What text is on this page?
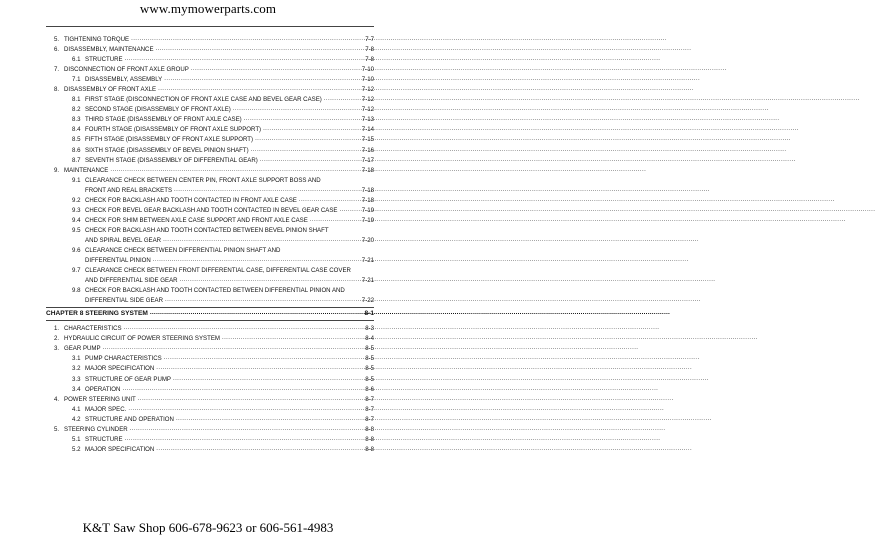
www.mymowerparts.com
5. TIGHTENING TORQUE .....	7-7
6. DISASSEMBLY, MAINTENANCE .....	7-8
6.1 STRUCTURE .....	7-8
7. DISCONNECTION OF FRONT AXLE GROUP .....	7-10
7.1 DISASSEMBLY, ASSEMBLY .....	7-10
8. DISASSEMBLY OF FRONT AXLE .....	7-12
8.1 FIRST STAGE (DISCONNECTION OF FRONT AXLE CASE AND BEVEL GEAR CASE) .....	7-12
8.2 SECOND STAGE (DISASSEMBLY OF FRONT AXLE) .....	7-12
8.3 THIRD STAGE (DISASSEMBLY OF FRONT AXLE CASE) .....	7-13
8.4 FOURTH STAGE (DISASSEMBLY OF FRONT AXLE SUPPORT) .....	7-14
8.5 FIFTH STAGE (DISASSEMBLY OF FRONT AXLE SUPPORT) .....	7-15
8.6 SIXTH STAGE (DISASSEMBLY OF BEVEL PINION SHAFT) .....	7-16
8.7 SEVENTH STAGE (DISASSEMBLY OF DIFFERENTIAL GEAR) .....	7-17
9. MAINTENANCE .....	7-18
9.1 CLEARANCE CHECK BETWEEN CENTER PIN, FRONT AXLE SUPPORT BOSS AND
FRONT AND REAL BRACKETS .....	7-18
9.2 CHECK FOR BACKLASH AND TOOTH CONTACTED IN FRONT AXLE CASE .....	7-18
9.3 CHECK FOR BEVEL GEAR BACKLASH AND TOOTH CONTACTED IN BEVEL GEAR CASE .....	7-19
9.4 CHECK FOR SHIM BETWEEN AXLE CASE SUPPORT AND FRONT AXLE CASE .....	7-19
9.5 CHECK FOR BACKLASH AND TOOTH CONTACTED BETWEEN BEVEL PINION SHAFT
AND SPIRAL BEVEL GEAR .....	7-20
9.6 CLEARANCE CHECK BETWEEN DIFFERENTIAL PINION SHAFT AND
DIFFERENTIAL PINION .....	7-21
9.7 CLEARANCE CHECK BETWEEN FRONT DIFFERENTIAL CASE, DIFFERENTIAL CASE COVER
AND DIFFERENTIAL SIDE GEAR .....	7-21
9.8 CHECK FOR BACKLASH AND TOOTH CONTACTED BETWEEN DIFFERENTIAL PINION AND
DIFFERENTIAL SIDE GEAR .....	7-22
CHAPTER 8 STEERING SYSTEM .....	8-1
1. CHARACTERISTICS .....	8-3
2. HYDRAULIC CIRCUIT OF POWER STEERING SYSTEM .....	8-4
3. GEAR PUMP .....	8-5
3.1 PUMP CHARACTERISTICS .....	8-5
3.2 MAJOR SPECIFICATION .....	8-5
3.3 STRUCTURE OF GEAR PUMP .....	8-5
3.4 OPERATION .....	8-6
4. POWER STEERING UNIT .....	8-7
4.1 MAJOR SPEC. .....	8-7
4.2 STRUCTURE AND OPERATION .....	8-7
5. STEERING CYLINDER .....	8-8
5.1 STRUCTURE .....	8-8
5.2 MAJOR SPECIFICATION .....	8-8
K&T Saw Shop 606-678-9623 or 606-561-4983
